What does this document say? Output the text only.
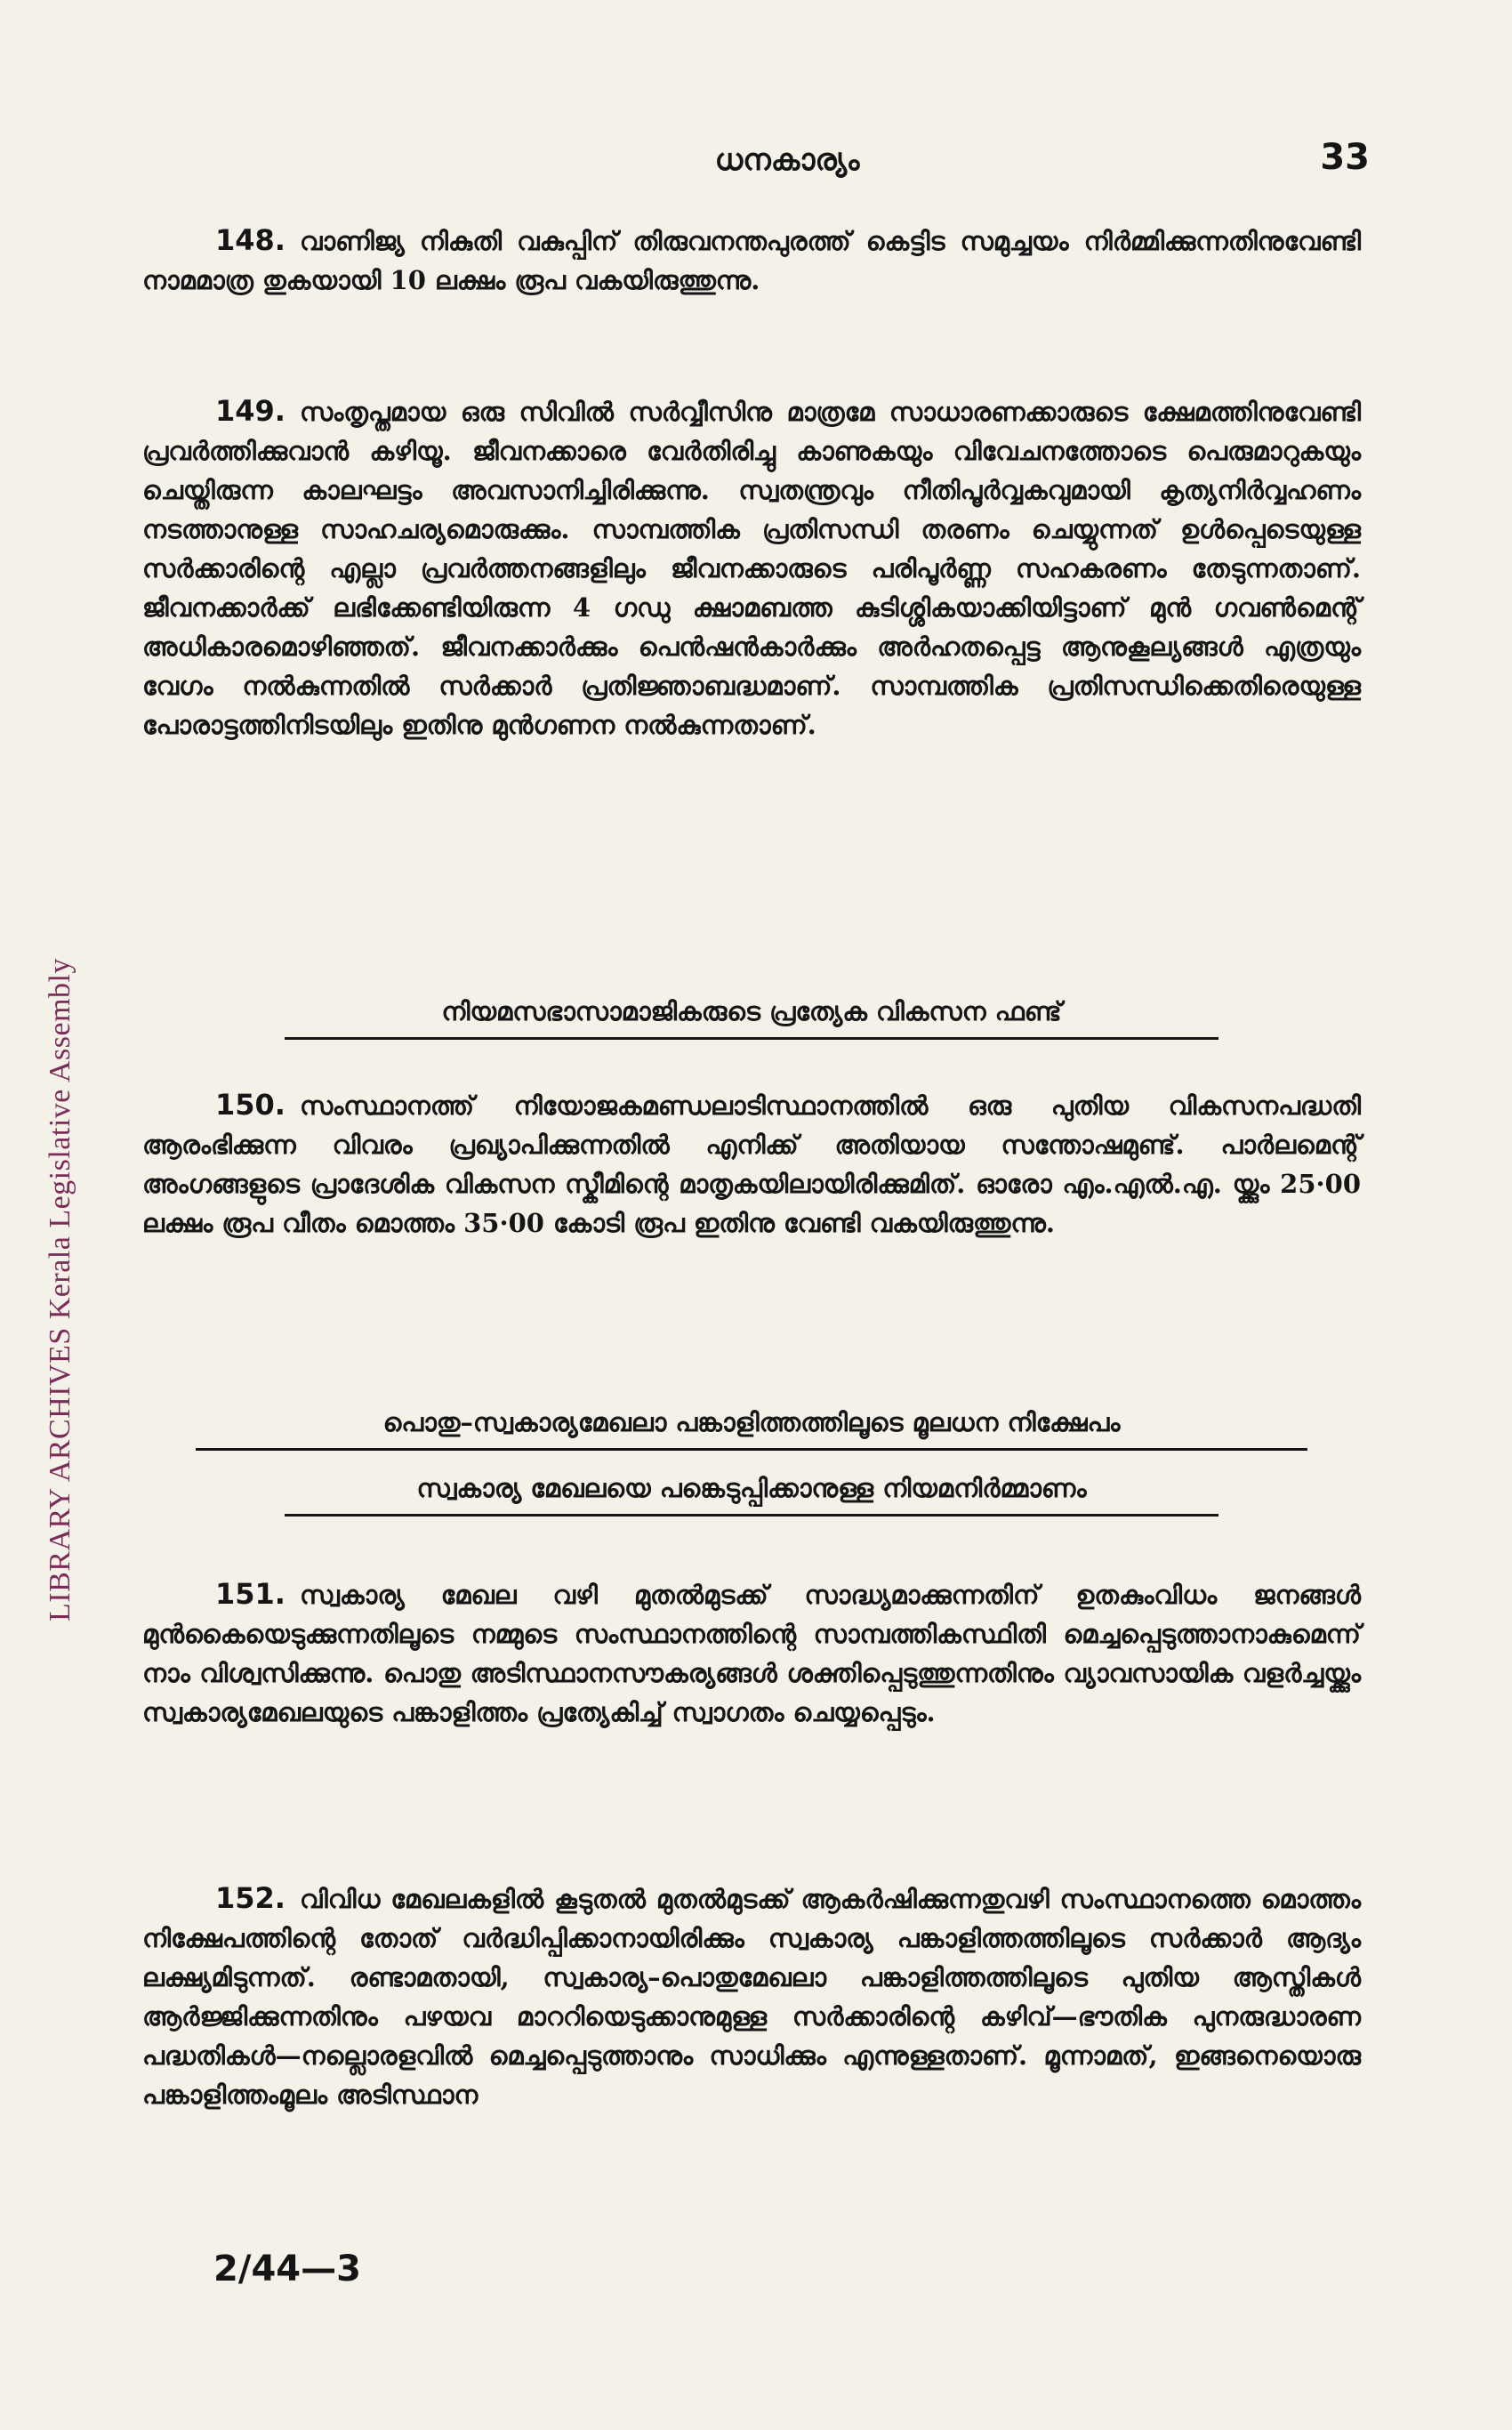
LIBRARY ARCHIVES Kerala Legislative Assembly
ധനകാര്യം	33
148. വാണിജ്യ നികുതി വകുപ്പിന് തിരുവനന്തപുരത്ത് കെട്ടിട സമുച്ചയം നിർമ്മിക്കുന്നതിനുവേണ്ടി നാമമാത്ര തുകയായി 10 ലക്ഷം രൂപ വകയിരുത്തുന്നു.
149. സംതൃപ്തമായ ഒരു സിവിൽ സർവ്വീസിനു മാത്രമേ സാധാരണക്കാരുടെ ക്ഷേമത്തിനുവേണ്ടി പ്രവർത്തിക്കുവാൻ കഴിയൂ. ജീവനക്കാരെ വേർതിരിച്ചു കാണുകയും വിവേചനത്തോടെ പെരുമാറുകയും ചെയ്തിരുന്ന കാലഘട്ടം അവസാനിച്ചിരിക്കുന്നു. സ്വതന്ത്രവും നീതിപൂർവ്വകവുമായി കൃത്യനിർവ്വഹണം നടത്താനുള്ള സാഹചര്യമൊരുക്കും. സാമ്പത്തിക പ്രതിസന്ധി തരണം ചെയ്യുന്നത് ഉൾപ്പെടെയുള്ള സർക്കാരിന്റെ എല്ലാ പ്രവർത്തനങ്ങളിലും ജീവനക്കാരുടെ പരിപൂർണ്ണ സഹകരണം തേടുന്നതാണ്. ജീവനക്കാർക്ക് ലഭിക്കേണ്ടിയിരുന്ന 4 ഗഡു ക്ഷാമബത്ത കുടിശ്ശികയാക്കിയിട്ടാണ് മുൻ ഗവൺമെന്റ് അധികാരമൊഴിഞ്ഞത്. ജീവനക്കാർക്കും പെൻഷൻകാർക്കും അർഹതപ്പെട്ട ആനുകൂല്യങ്ങൾ എത്രയും വേഗം നൽകുന്നതിൽ സർക്കാർ പ്രതിജ്ഞാബദ്ധമാണ്. സാമ്പത്തിക പ്രതിസന്ധിക്കെതിരെയുള്ള പോരാട്ടത്തിനിടയിലും ഇതിനു മുൻഗണന നൽകുന്നതാണ്.
നിയമസഭാസാമാജികരുടെ പ്രത്യേക വികസന ഫണ്ട്
150. സംസ്ഥാനത്ത് നിയോജകമണ്ഡലാടിസ്ഥാനത്തിൽ ഒരു പുതിയ വികസനപദ്ധതി ആരംഭിക്കുന്ന വിവരം പ്രഖ്യാപിക്കുന്നതിൽ എനിക്ക് അതിയായ സന്തോഷമുണ്ട്. പാർലമെന്റ് അംഗങ്ങളുടെ പ്രാദേശിക വികസന സ്കീമിന്റെ മാതൃകയിലായിരിക്കുമിത്. ഓരോ എം.എൽ.എ. യ്ക്കും 25·00 ലക്ഷം രൂപ വീതം മൊത്തം 35·00 കോടി രൂപ ഇതിനു വേണ്ടി വകയിരുത്തുന്നു.
പൊതു–സ്വകാര്യമേഖലാ പങ്കാളിത്തത്തിലൂടെ മൂലധന നിക്ഷേപം
സ്വകാര്യ മേഖലയെ പങ്കെടുപ്പിക്കാനുള്ള നിയമനിർമ്മാണം
151. സ്വകാര്യ മേഖല വഴി മുതൽമുടക്ക് സാദ്ധ്യമാക്കുന്നതിന് ഉതകുംവിധം ജനങ്ങൾ മുൻകൈയെടുക്കുന്നതിലൂടെ നമ്മുടെ സംസ്ഥാനത്തിന്റെ സാമ്പത്തികസ്ഥിതി മെച്ചപ്പെടുത്താനാകുമെന്ന് നാം വിശ്വസിക്കുന്നു. പൊതു അടിസ്ഥാനസൗകര്യങ്ങൾ ശക്തിപ്പെടുത്തുന്നതിനും വ്യാവസായിക വളർച്ചയ്ക്കും സ്വകാര്യമേഖലയുടെ പങ്കാളിത്തം പ്രത്യേകിച്ച് സ്വാഗതം ചെയ്യപ്പെടും.
152. വിവിധ മേഖലകളിൽ കൂടുതൽ മുതൽമുടക്ക് ആകർഷിക്കുന്നതുവഴി സംസ്ഥാനത്തെ മൊത്തം നിക്ഷേപത്തിന്റെ തോത് വർദ്ധിപ്പിക്കാനായിരിക്കും സ്വകാര്യ പങ്കാളിത്തത്തിലൂടെ സർക്കാർ ആദ്യം ലക്ഷ്യമിടുന്നത്. രണ്ടാമതായി, സ്വകാര്യ–പൊതുമേഖലാ പങ്കാളിത്തത്തിലൂടെ പുതിയ ആസ്തികൾ ആർജ്ജിക്കുന്നതിനും പഴയവ മാററിയെടുക്കാനുമുള്ള സർക്കാരിന്റെ കഴിവ്—ഭൗതിക പുനരുദ്ധാരണ പദ്ധതികൾ—നല്ലൊരളവിൽ മെച്ചപ്പെടുത്താനും സാധിക്കും എന്നുള്ളതാണ്. മൂന്നാമത്, ഇങ്ങനെയൊരു പങ്കാളിത്തംമൂലം അടിസ്ഥാന
2/44—3
